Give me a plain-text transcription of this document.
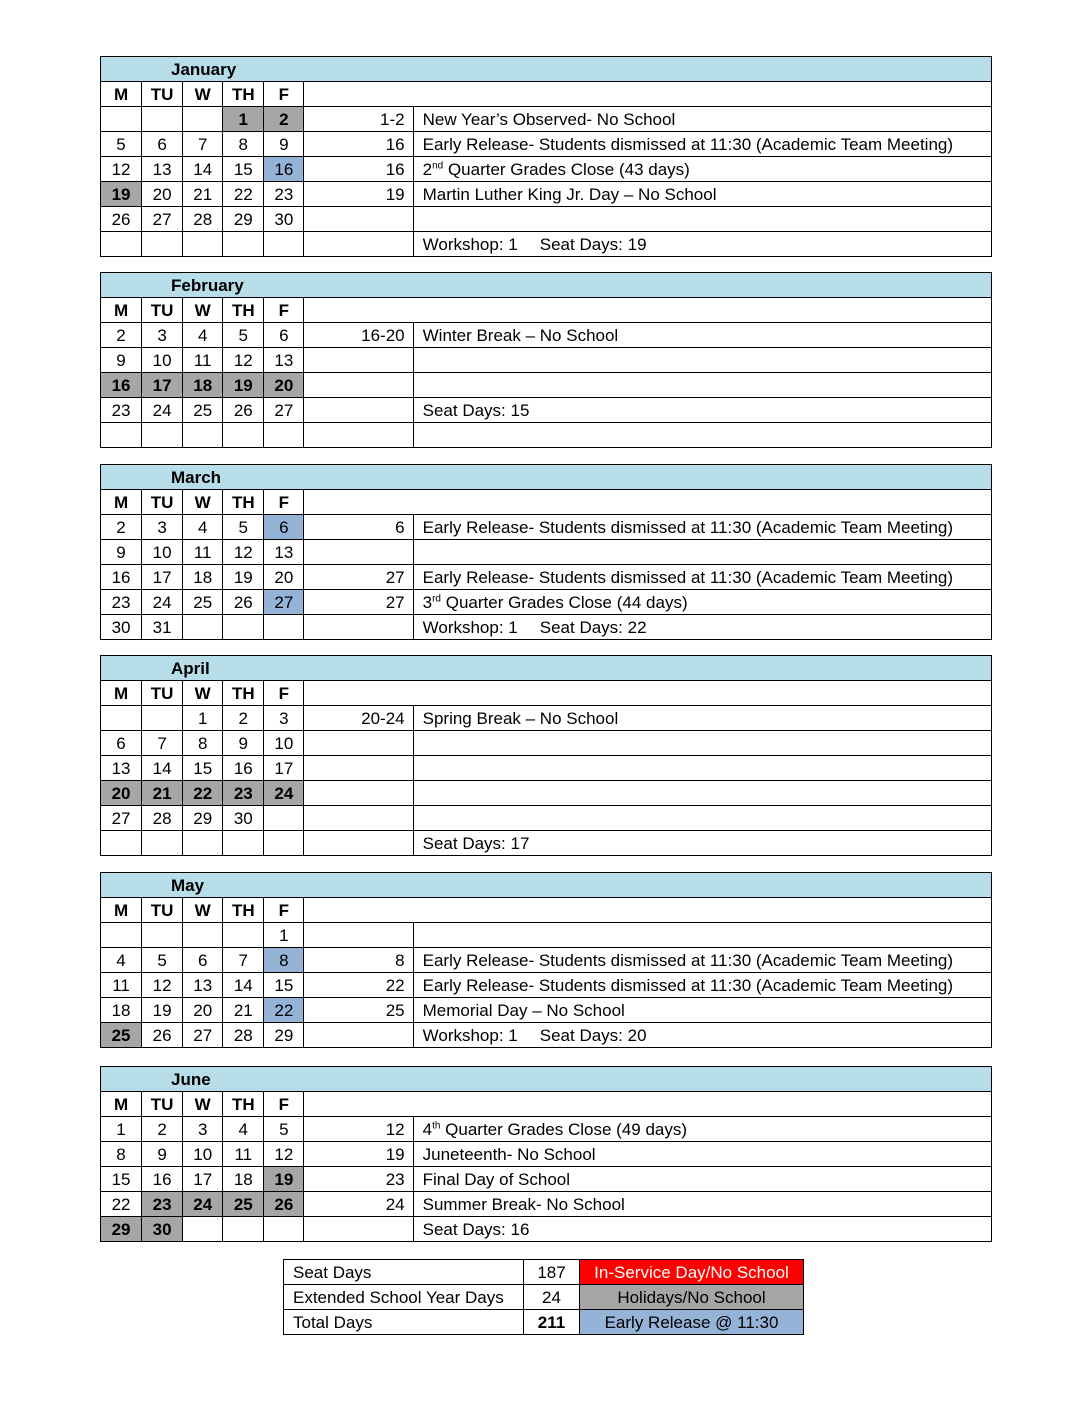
January						
M	TU	W	TH	F		
			1	2	1-2	New Year’s Observed- No School
5	6	7	8	9	16	Early Release- Students dismissed at 11:30 (Academic Team Meeting)
12	13	14	15	16	16	2nd Quarter Grades Close (43 days)
19	20	21	22	23	19	Martin Luther King Jr. Day – No School
26	27	28	29	30		
						Workshop: 1 Seat Days: 19
February						
M	TU	W	TH	F		
2	3	4	5	6	16-20	Winter Break – No School
9	10	11	12	13		
16	17	18	19	20		
23	24	25	26	27		Seat Days: 15

March						
M	TU	W	TH	F		
2	3	4	5	6	6	Early Release- Students dismissed at 11:30 (Academic Team Meeting)
9	10	11	12	13		
16	17	18	19	20	27	Early Release- Students dismissed at 11:30 (Academic Team Meeting)
23	24	25	26	27	27	3rd Quarter Grades Close (44 days)
30	31					Workshop: 1 Seat Days: 22
April						
M	TU	W	TH	F		
		1	2	3	20-24	Spring Break – No School
6	7	8	9	10		
13	14	15	16	17		
20	21	22	23	24		
27	28	29	30			
						Seat Days: 17
May						
M	TU	W	TH	F		
				1		
4	5	6	7	8	8	Early Release- Students dismissed at 11:30 (Academic Team Meeting)
11	12	13	14	15	22	Early Release- Students dismissed at 11:30 (Academic Team Meeting)
18	19	20	21	22	25	Memorial Day – No School
25	26	27	28	29		Workshop: 1 Seat Days: 20
June						
M	TU	W	TH	F		
1	2	3	4	5	12	4th Quarter Grades Close (49 days)
8	9	10	11	12	19	Juneteenth- No School
15	16	17	18	19	23	Final Day of School
22	23	24	25	26	24	Summer Break- No School
29	30					Seat Days: 16
Seat Days	187	In-Service Day/No School
Extended School Year Days	24	Holidays/No School
Total Days	211	Early Release @ 11:30
